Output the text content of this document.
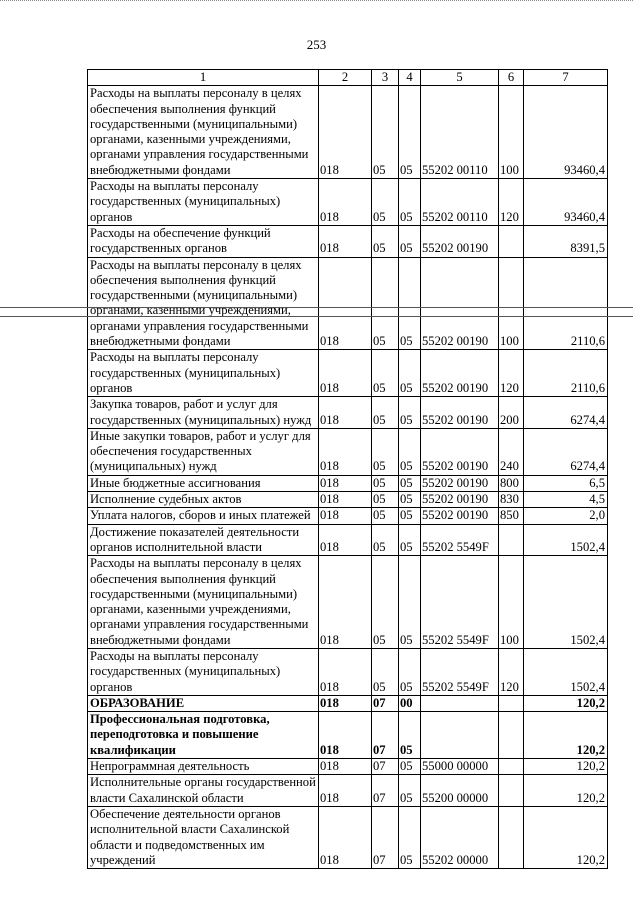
253
1	2	3	4	5	6	7
Расходы на выплаты персоналу в целях обеспечения выполнения функций государственными (муниципальными) органами, казенными учреждениями, органами управления государственными внебюджетными фондами	018	05	05	55202 00110	100	93460,4
Расходы на выплаты персоналу государственных (муниципальных) органов	018	05	05	55202 00110	120	93460,4
Расходы на обеспечение функций государственных органов	018	05	05	55202 00190		8391,5
Расходы на выплаты персоналу в целях обеспечения выполнения функций государственными (муниципальными) органами, казенными учреждениями, органами управления государственными внебюджетными фондами	018	05	05	55202 00190	100	2110,6
Расходы на выплаты персоналу государственных (муниципальных) органов	018	05	05	55202 00190	120	2110,6
Закупка товаров, работ и услуг для государственных (муниципальных) нужд	018	05	05	55202 00190	200	6274,4
Иные закупки товаров, работ и услуг для обеспечения государственных (муниципальных) нужд	018	05	05	55202 00190	240	6274,4
Иные бюджетные ассигнования	018	05	05	55202 00190	800	6,5
Исполнение судебных актов	018	05	05	55202 00190	830	4,5
Уплата налогов, сборов и иных платежей	018	05	05	55202 00190	850	2,0
Достижение показателей деятельности органов исполнительной власти	018	05	05	55202 5549F		1502,4
Расходы на выплаты персоналу в целях обеспечения выполнения функций государственными (муниципальными) органами, казенными учреждениями, органами управления государственными внебюджетными фондами	018	05	05	55202 5549F	100	1502,4
Расходы на выплаты персоналу государственных (муниципальных) органов	018	05	05	55202 5549F	120	1502,4
ОБРАЗОВАНИЕ	018	07	00			120,2
Профессиональная подготовка, переподготовка и повышение квалификации	018	07	05			120,2
Непрограммная деятельность	018	07	05	55000 00000		120,2
Исполнительные органы государственной власти Сахалинской области	018	07	05	55200 00000		120,2
Обеспечение деятельности органов исполнительной власти Сахалинской области и подведомственных им учреждений	018	07	05	55202 00000		120,2
